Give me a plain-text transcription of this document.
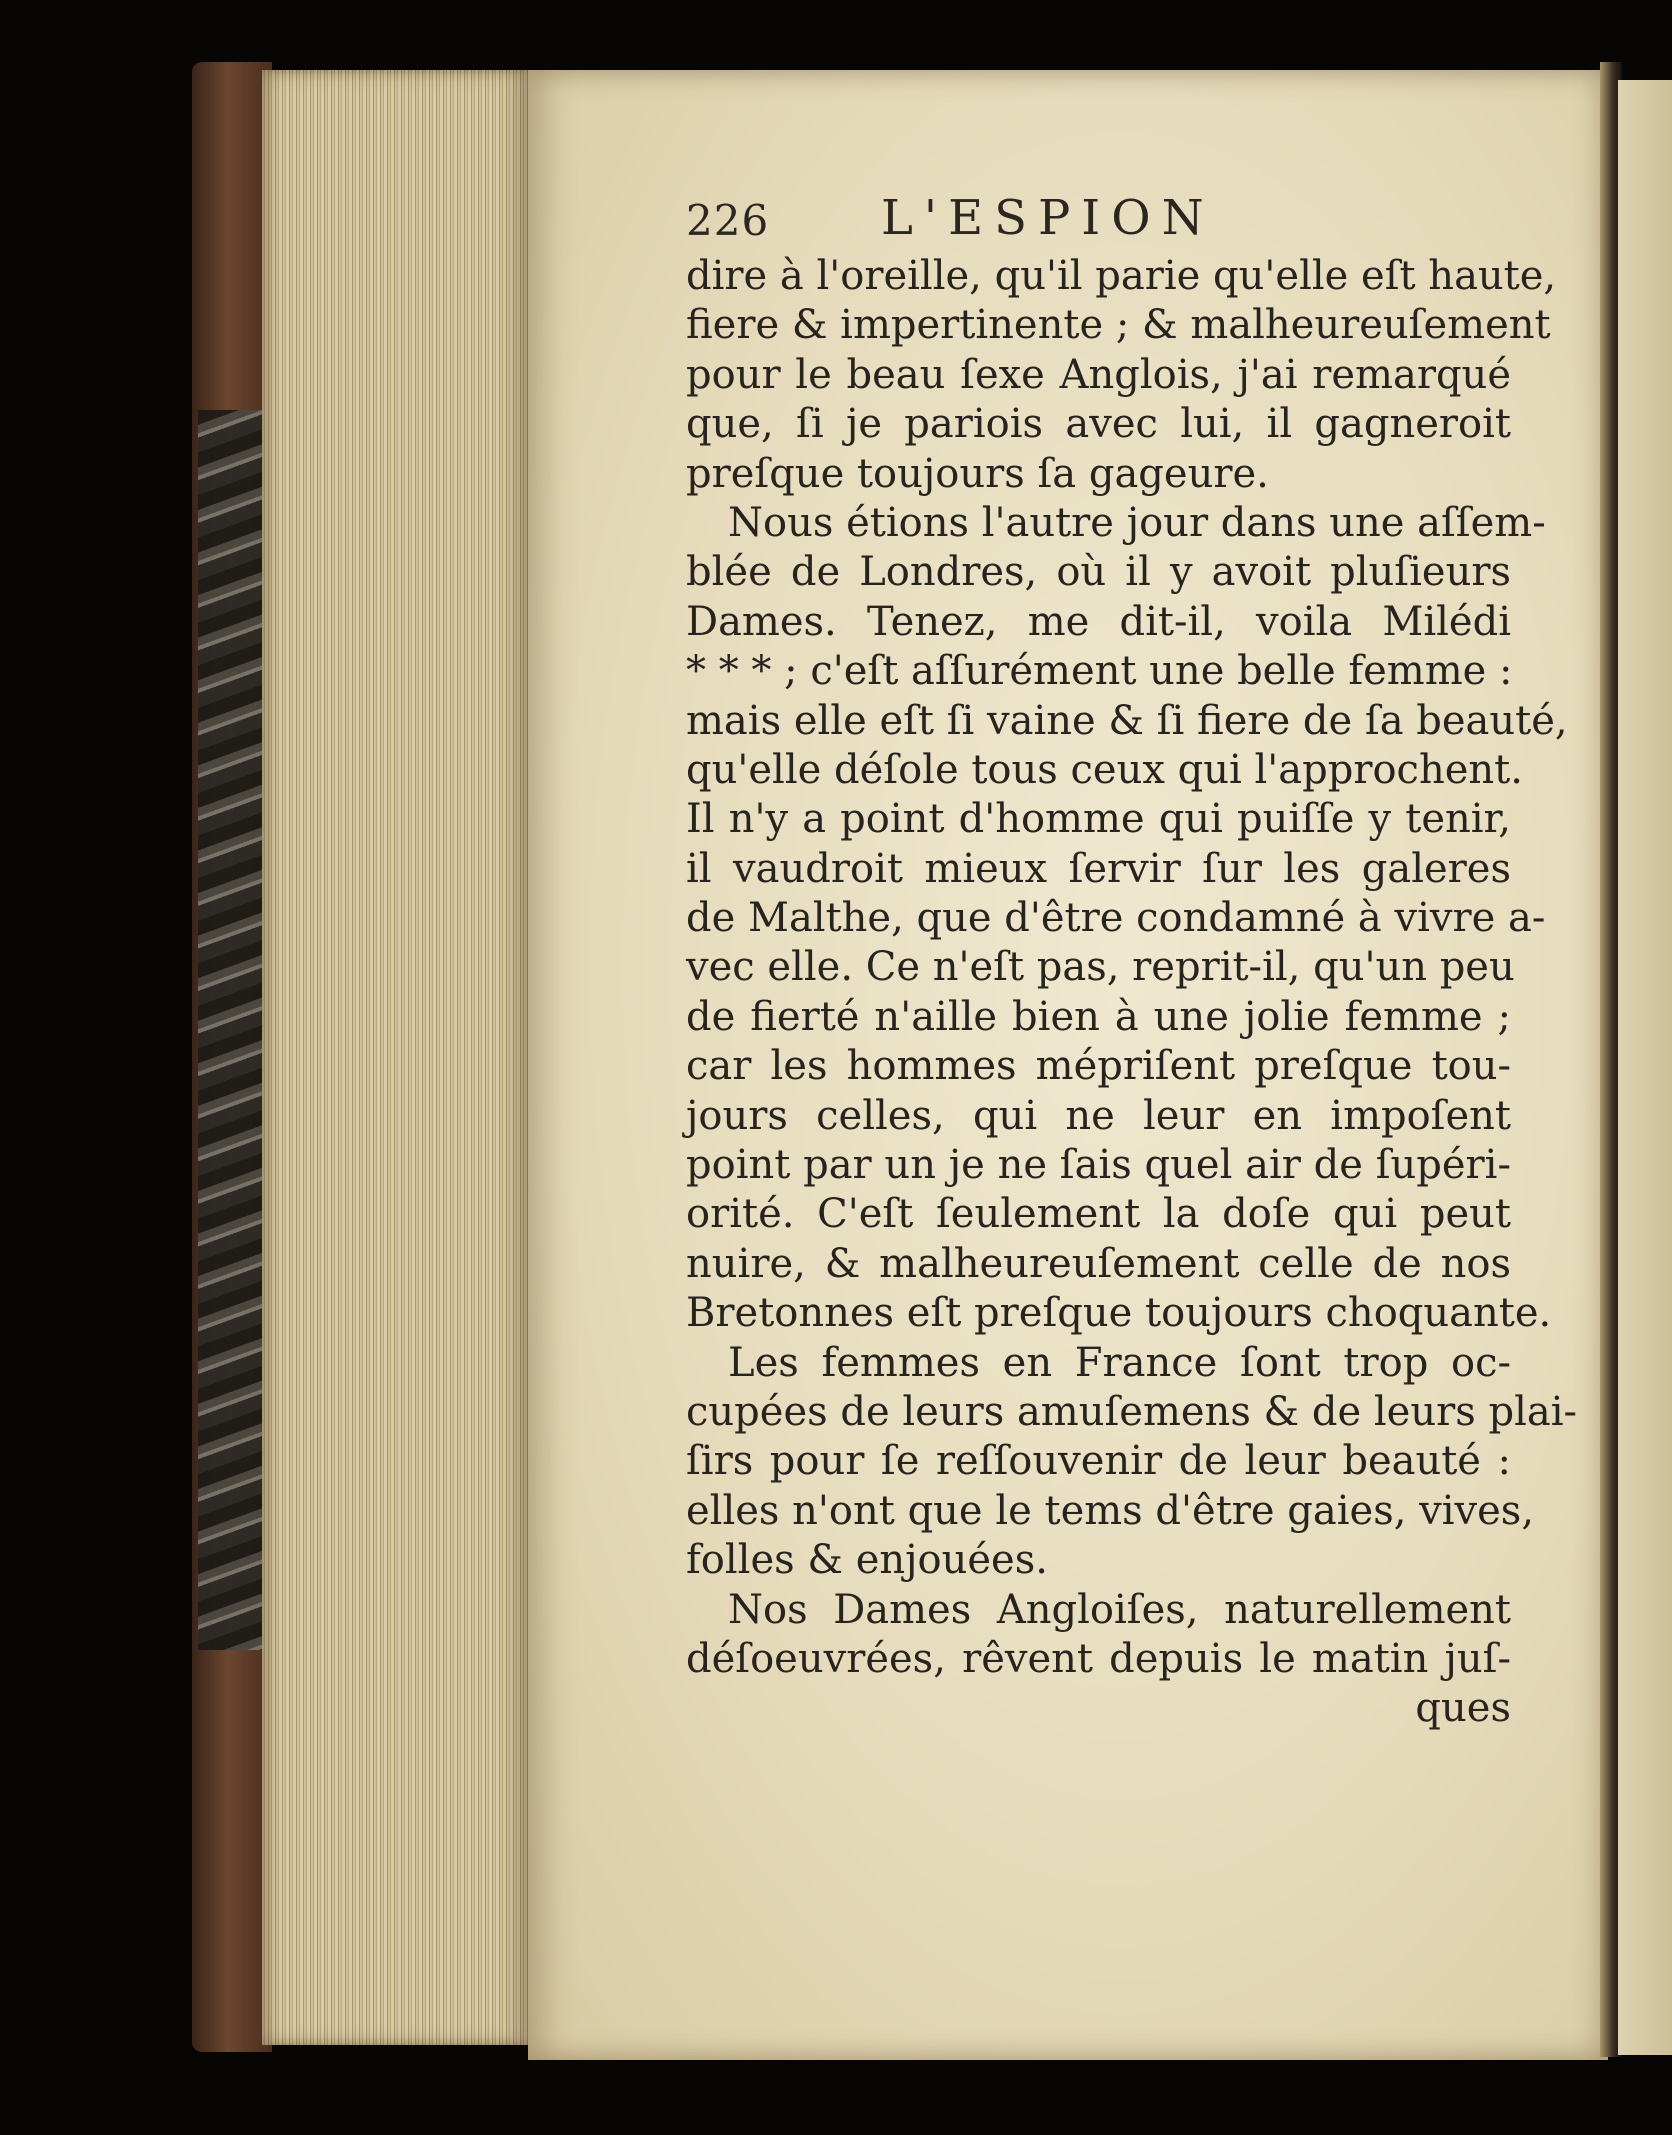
226 L'ESPION
dire à l'oreille, qu'il parie qu'elle eſt haute,
fiere & impertinente ; & malheureuſement
pour le beau ſexe Anglois, j'ai remarqué
que, ſi je pariois avec lui, il gagneroit
preſque toujours ſa gageure.
Nous étions l'autre jour dans une aſſem-
blée de Londres, où il y avoit pluſieurs
Dames. Tenez, me dit-il, voila Milédi
* * * ; c'eſt aſſurément une belle femme :
mais elle eſt ſi vaine & ſi fiere de ſa beauté,
qu'elle déſole tous ceux qui l'approchent.
Il n'y a point d'homme qui puiſſe y tenir,
il vaudroit mieux ſervir ſur les galeres
de Malthe, que d'être condamné à vivre a-
vec elle. Ce n'eſt pas, reprit-il, qu'un peu
de fierté n'aille bien à une jolie femme ;
car les hommes mépriſent preſque tou-
jours celles, qui ne leur en impoſent
point par un je ne ſais quel air de ſupéri-
orité. C'eſt ſeulement la doſe qui peut
nuire, & malheureuſement celle de nos
Bretonnes eſt preſque toujours choquante.
Les femmes en France ſont trop oc-
cupées de leurs amuſemens & de leurs plai-
ſirs pour ſe reſſouvenir de leur beauté :
elles n'ont que le tems d'être gaies, vives,
folles & enjouées.
Nos Dames Angloiſes, naturellement
déſoeuvrées, rêvent depuis le matin juſ-
ques
